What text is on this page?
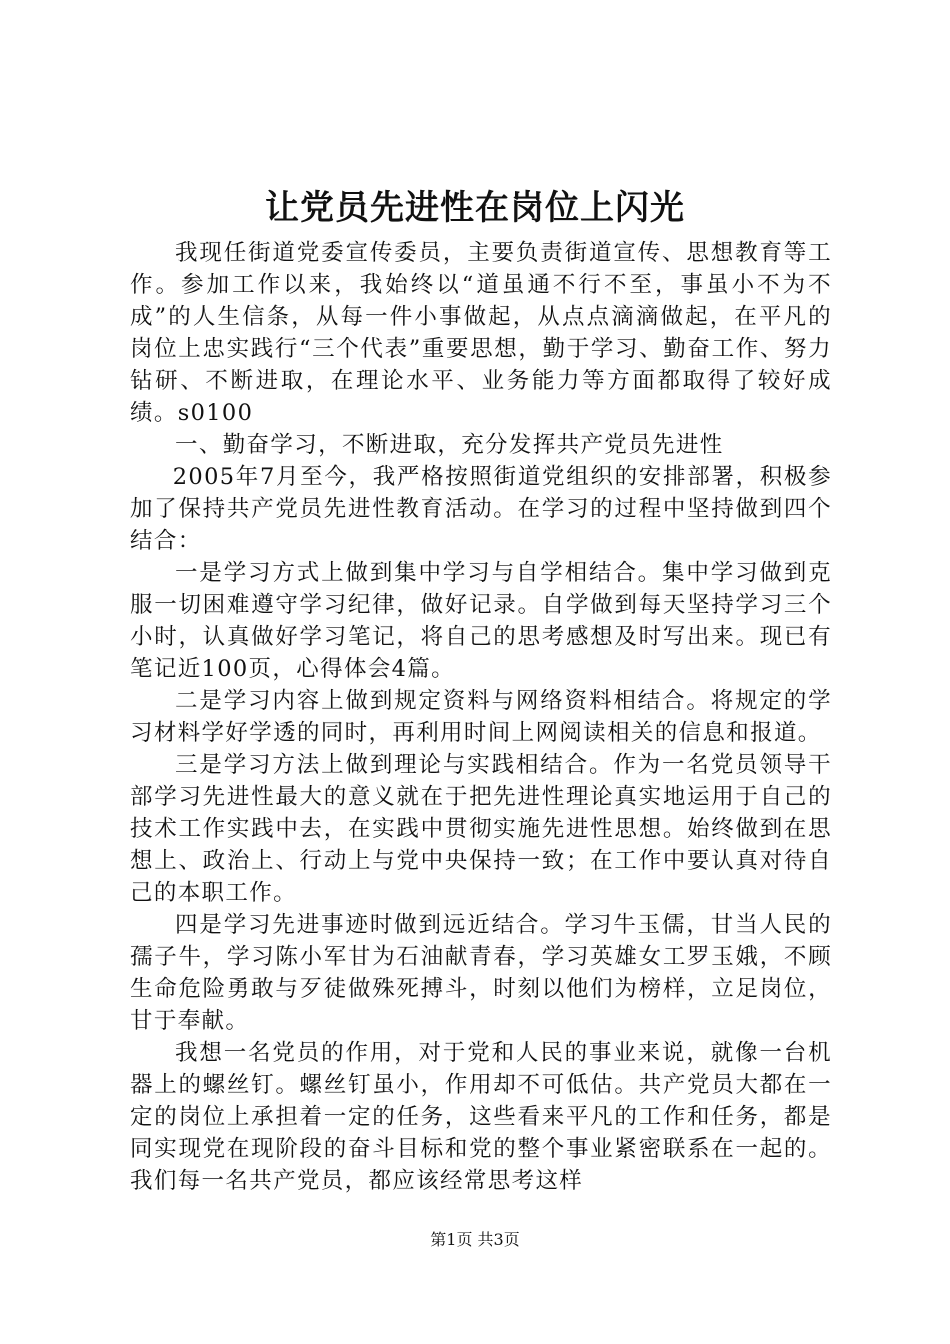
让党员先进性在岗位上闪光

我现任街道党委宣传委员，主要负责街道宣传、思想教育等工作。参加工作以来，我始终以“道虽通不行不至，事虽小不为不成”的人生信条，从每一件小事做起，从点点滴滴做起，在平凡的岗位上忠实践行“三个代表”重要思想，勤于学习、勤奋工作、努力钻研、不断进取，在理论水平、业务能力等方面都取得了较好成绩。s0100

一、勤奋学习，不断进取，充分发挥共产党员先进性

2005年7月至今，我严格按照街道党组织的安排部署，积极参加了保持共产党员先进性教育活动。在学习的过程中坚持做到四个结合：

一是学习方式上做到集中学习与自学相结合。集中学习做到克服一切困难遵守学习纪律，做好记录。自学做到每天坚持学习三个小时，认真做好学习笔记，将自己的思考感想及时写出来。现已有笔记近100页，心得体会4篇。

二是学习内容上做到规定资料与网络资料相结合。将规定的学习材料学好学透的同时，再利用时间上网阅读相关的信息和报道。

三是学习方法上做到理论与实践相结合。作为一名党员领导干部学习先进性最大的意义就在于把先进性理论真实地运用于自己的技术工作实践中去，在实践中贯彻实施先进性思想。始终做到在思想上、政治上、行动上与党中央保持一致；在工作中要认真对待自己的本职工作。

四是学习先进事迹时做到远近结合。学习牛玉儒，甘当人民的孺子牛，学习陈小军甘为石油献青春，学习英雄女工罗玉娥，不顾生命危险勇敢与歹徒做殊死搏斗，时刻以他们为榜样，立足岗位，甘于奉献。

我想一名党员的作用，对于党和人民的事业来说，就像一台机器上的螺丝钉。螺丝钉虽小，作用却不可低估。共产党员大都在一定的岗位上承担着一定的任务，这些看来平凡的工作和任务，都是同实现党在现阶段的奋斗目标和党的整个事业紧密联系在一起的。我们每一名共产党员，都应该经常思考这样

第1页 共3页
